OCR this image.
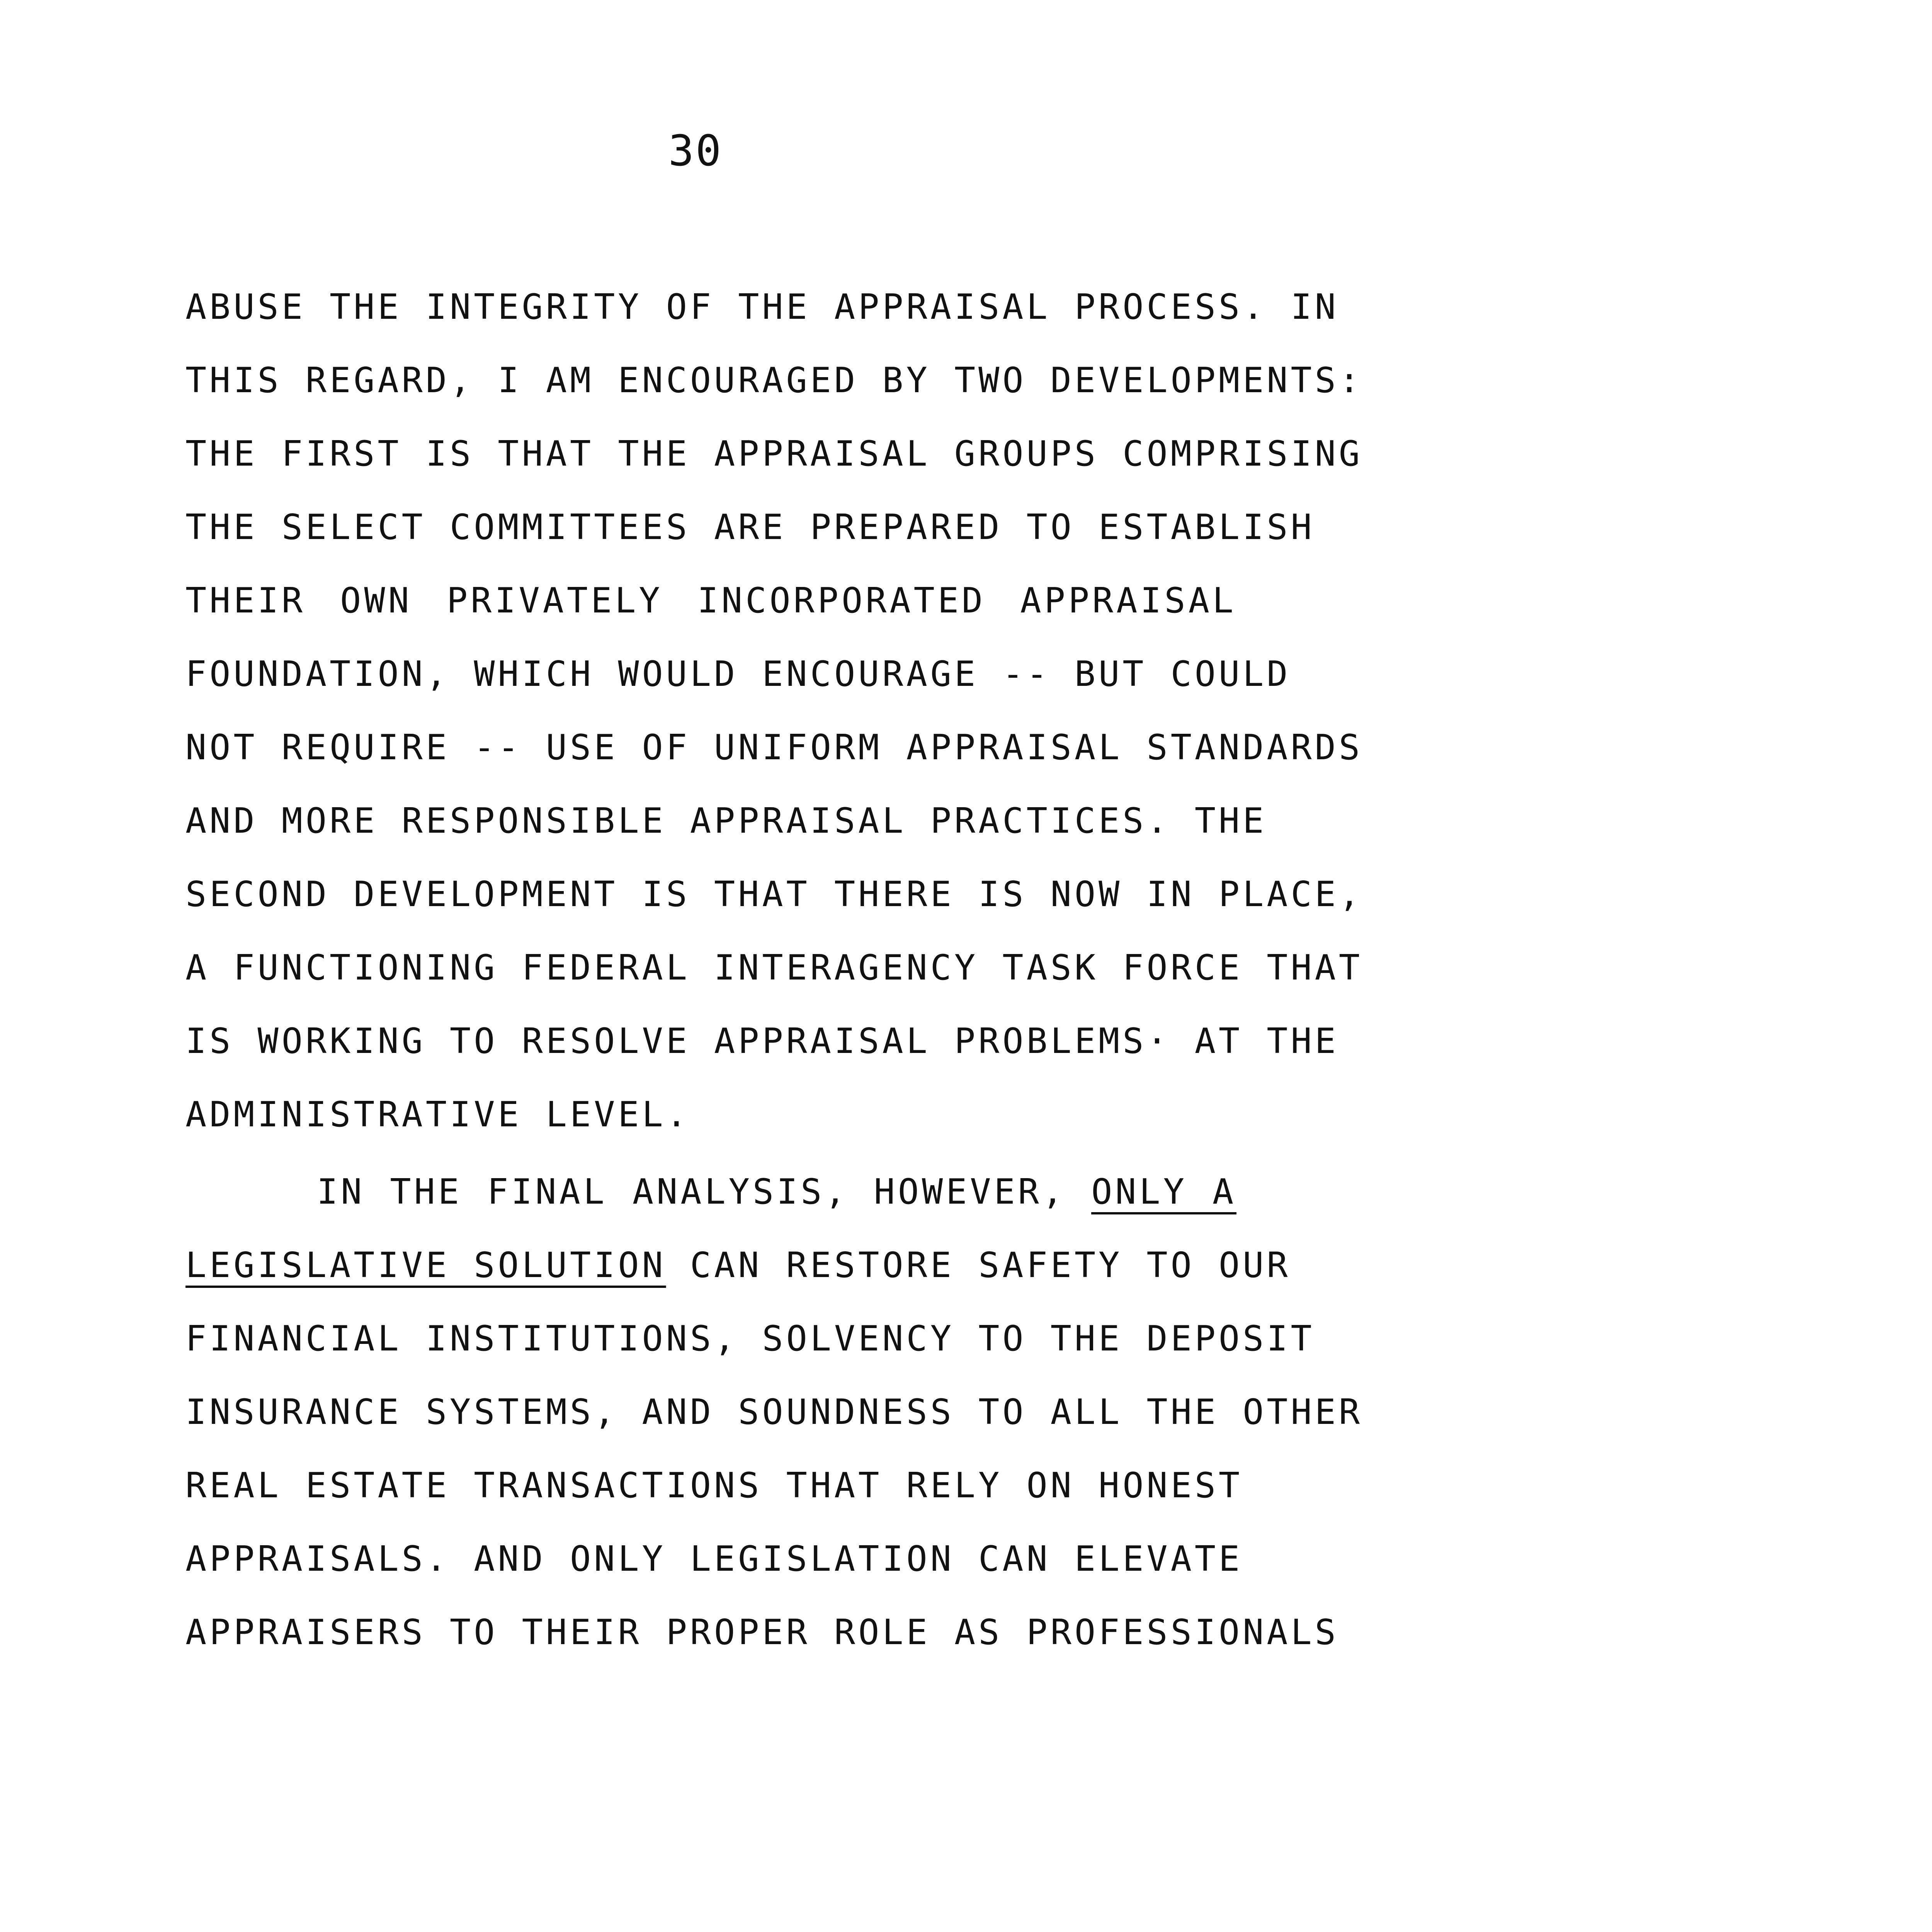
30
ABUSE THE INTEGRITY OF THE APPRAISAL PROCESS. IN
THIS REGARD, I AM ENCOURAGED BY TWO DEVELOPMENTS:
THE FIRST IS THAT THE APPRAISAL GROUPS COMPRISING
THE SELECT COMMITTEES ARE PREPARED TO ESTABLISH
THEIR OWN PRIVATELY INCORPORATED APPRAISAL
FOUNDATION, WHICH WOULD ENCOURAGE -- BUT COULD
NOT REQUIRE -- USE OF UNIFORM APPRAISAL STANDARDS
AND MORE RESPONSIBLE APPRAISAL PRACTICES. THE
SECOND DEVELOPMENT IS THAT THERE IS NOW IN PLACE,
A FUNCTIONING FEDERAL INTERAGENCY TASK FORCE THAT
IS WORKING TO RESOLVE APPRAISAL PROBLEMS· AT THE
ADMINISTRATIVE LEVEL.
IN THE FINAL ANALYSIS, HOWEVER, ONLY A
LEGISLATIVE SOLUTION CAN RESTORE SAFETY TO OUR
FINANCIAL INSTITUTIONS, SOLVENCY TO THE DEPOSIT
INSURANCE SYSTEMS, AND SOUNDNESS TO ALL THE OTHER
REAL ESTATE TRANSACTIONS THAT RELY ON HONEST
APPRAISALS. AND ONLY LEGISLATION CAN ELEVATE
APPRAISERS TO THEIR PROPER ROLE AS PROFESSIONALS
